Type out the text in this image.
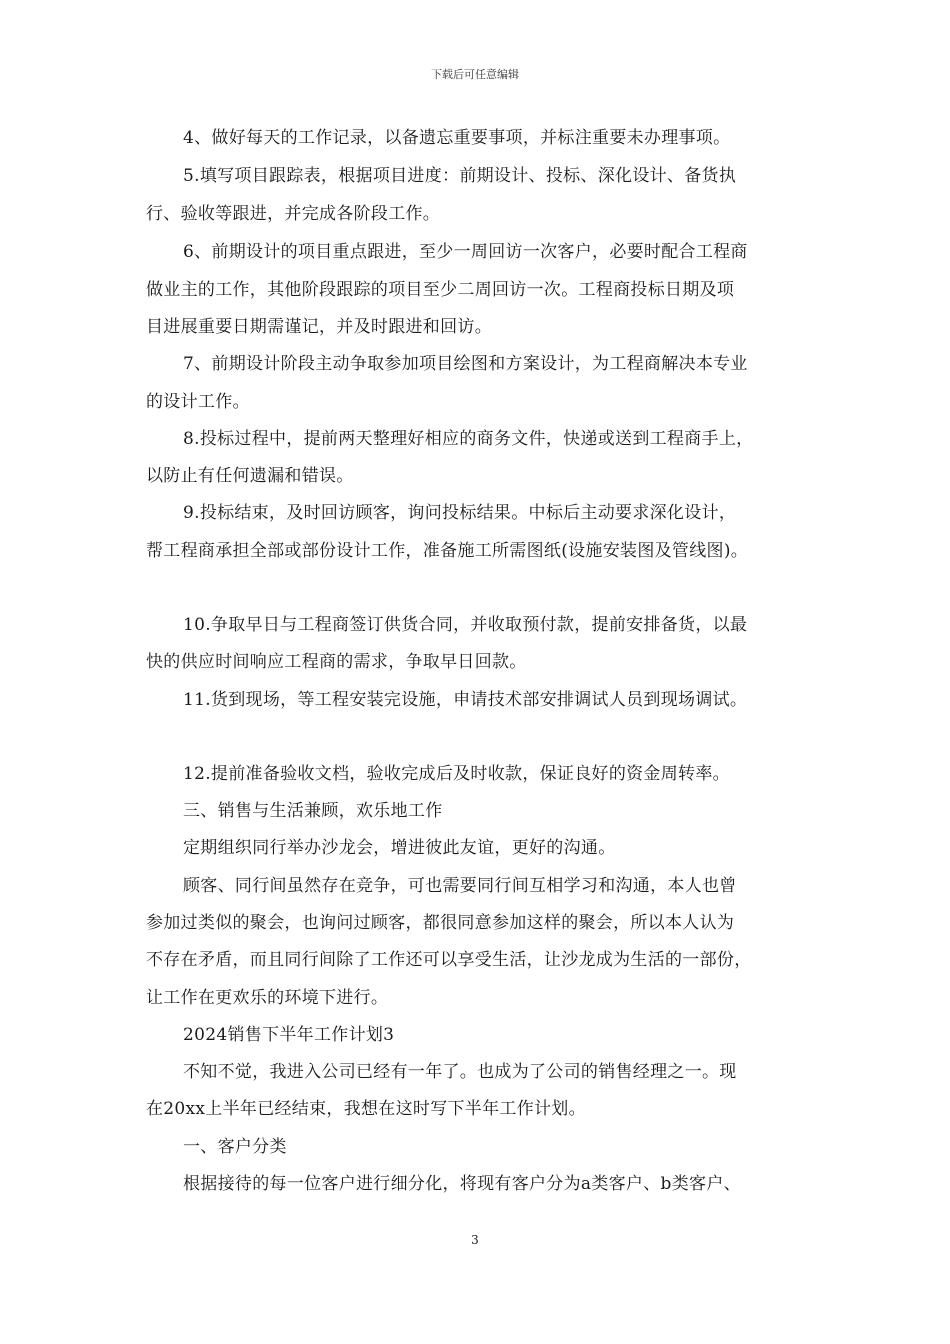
下载后可任意编辑
4、做好每天的工作记录，以备遗忘重要事项，并标注重要未办理事项。
5.填写项目跟踪表，根据项目进度：前期设计、投标、深化设计、备货执
行、验收等跟进，并完成各阶段工作。
6、前期设计的项目重点跟进，至少一周回访一次客户，必要时配合工程商
做业主的工作，其他阶段跟踪的项目至少二周回访一次。工程商投标日期及项
目进展重要日期需谨记，并及时跟进和回访。
7、前期设计阶段主动争取参加项目绘图和方案设计，为工程商解决本专业
的设计工作。
8.投标过程中，提前两天整理好相应的商务文件，快递或送到工程商手上，
以防止有任何遗漏和错误。
9.投标结束，及时回访顾客，询问投标结果。中标后主动要求深化设计，
帮工程商承担全部或部份设计工作，准备施工所需图纸(设施安装图及管线图)。
10.争取早日与工程商签订供货合同，并收取预付款，提前安排备货，以最
快的供应时间响应工程商的需求，争取早日回款。
11.货到现场，等工程安装完设施，申请技术部安排调试人员到现场调试。
12.提前准备验收文档，验收完成后及时收款，保证良好的资金周转率。
三、销售与生活兼顾，欢乐地工作
定期组织同行举办沙龙会，增进彼此友谊，更好的沟通。
顾客、同行间虽然存在竞争，可也需要同行间互相学习和沟通，本人也曾
参加过类似的聚会，也询问过顾客，都很同意参加这样的聚会，所以本人认为
不存在矛盾，而且同行间除了工作还可以享受生活，让沙龙成为生活的一部份，
让工作在更欢乐的环境下进行。
2024销售下半年工作计划3
不知不觉，我进入公司已经有一年了。也成为了公司的销售经理之一。现
在20xx上半年已经结束，我想在这时写下半年工作计划。
一、客户分类
根据接待的每一位客户进行细分化，将现有客户分为a类客户、b类客户、
3
